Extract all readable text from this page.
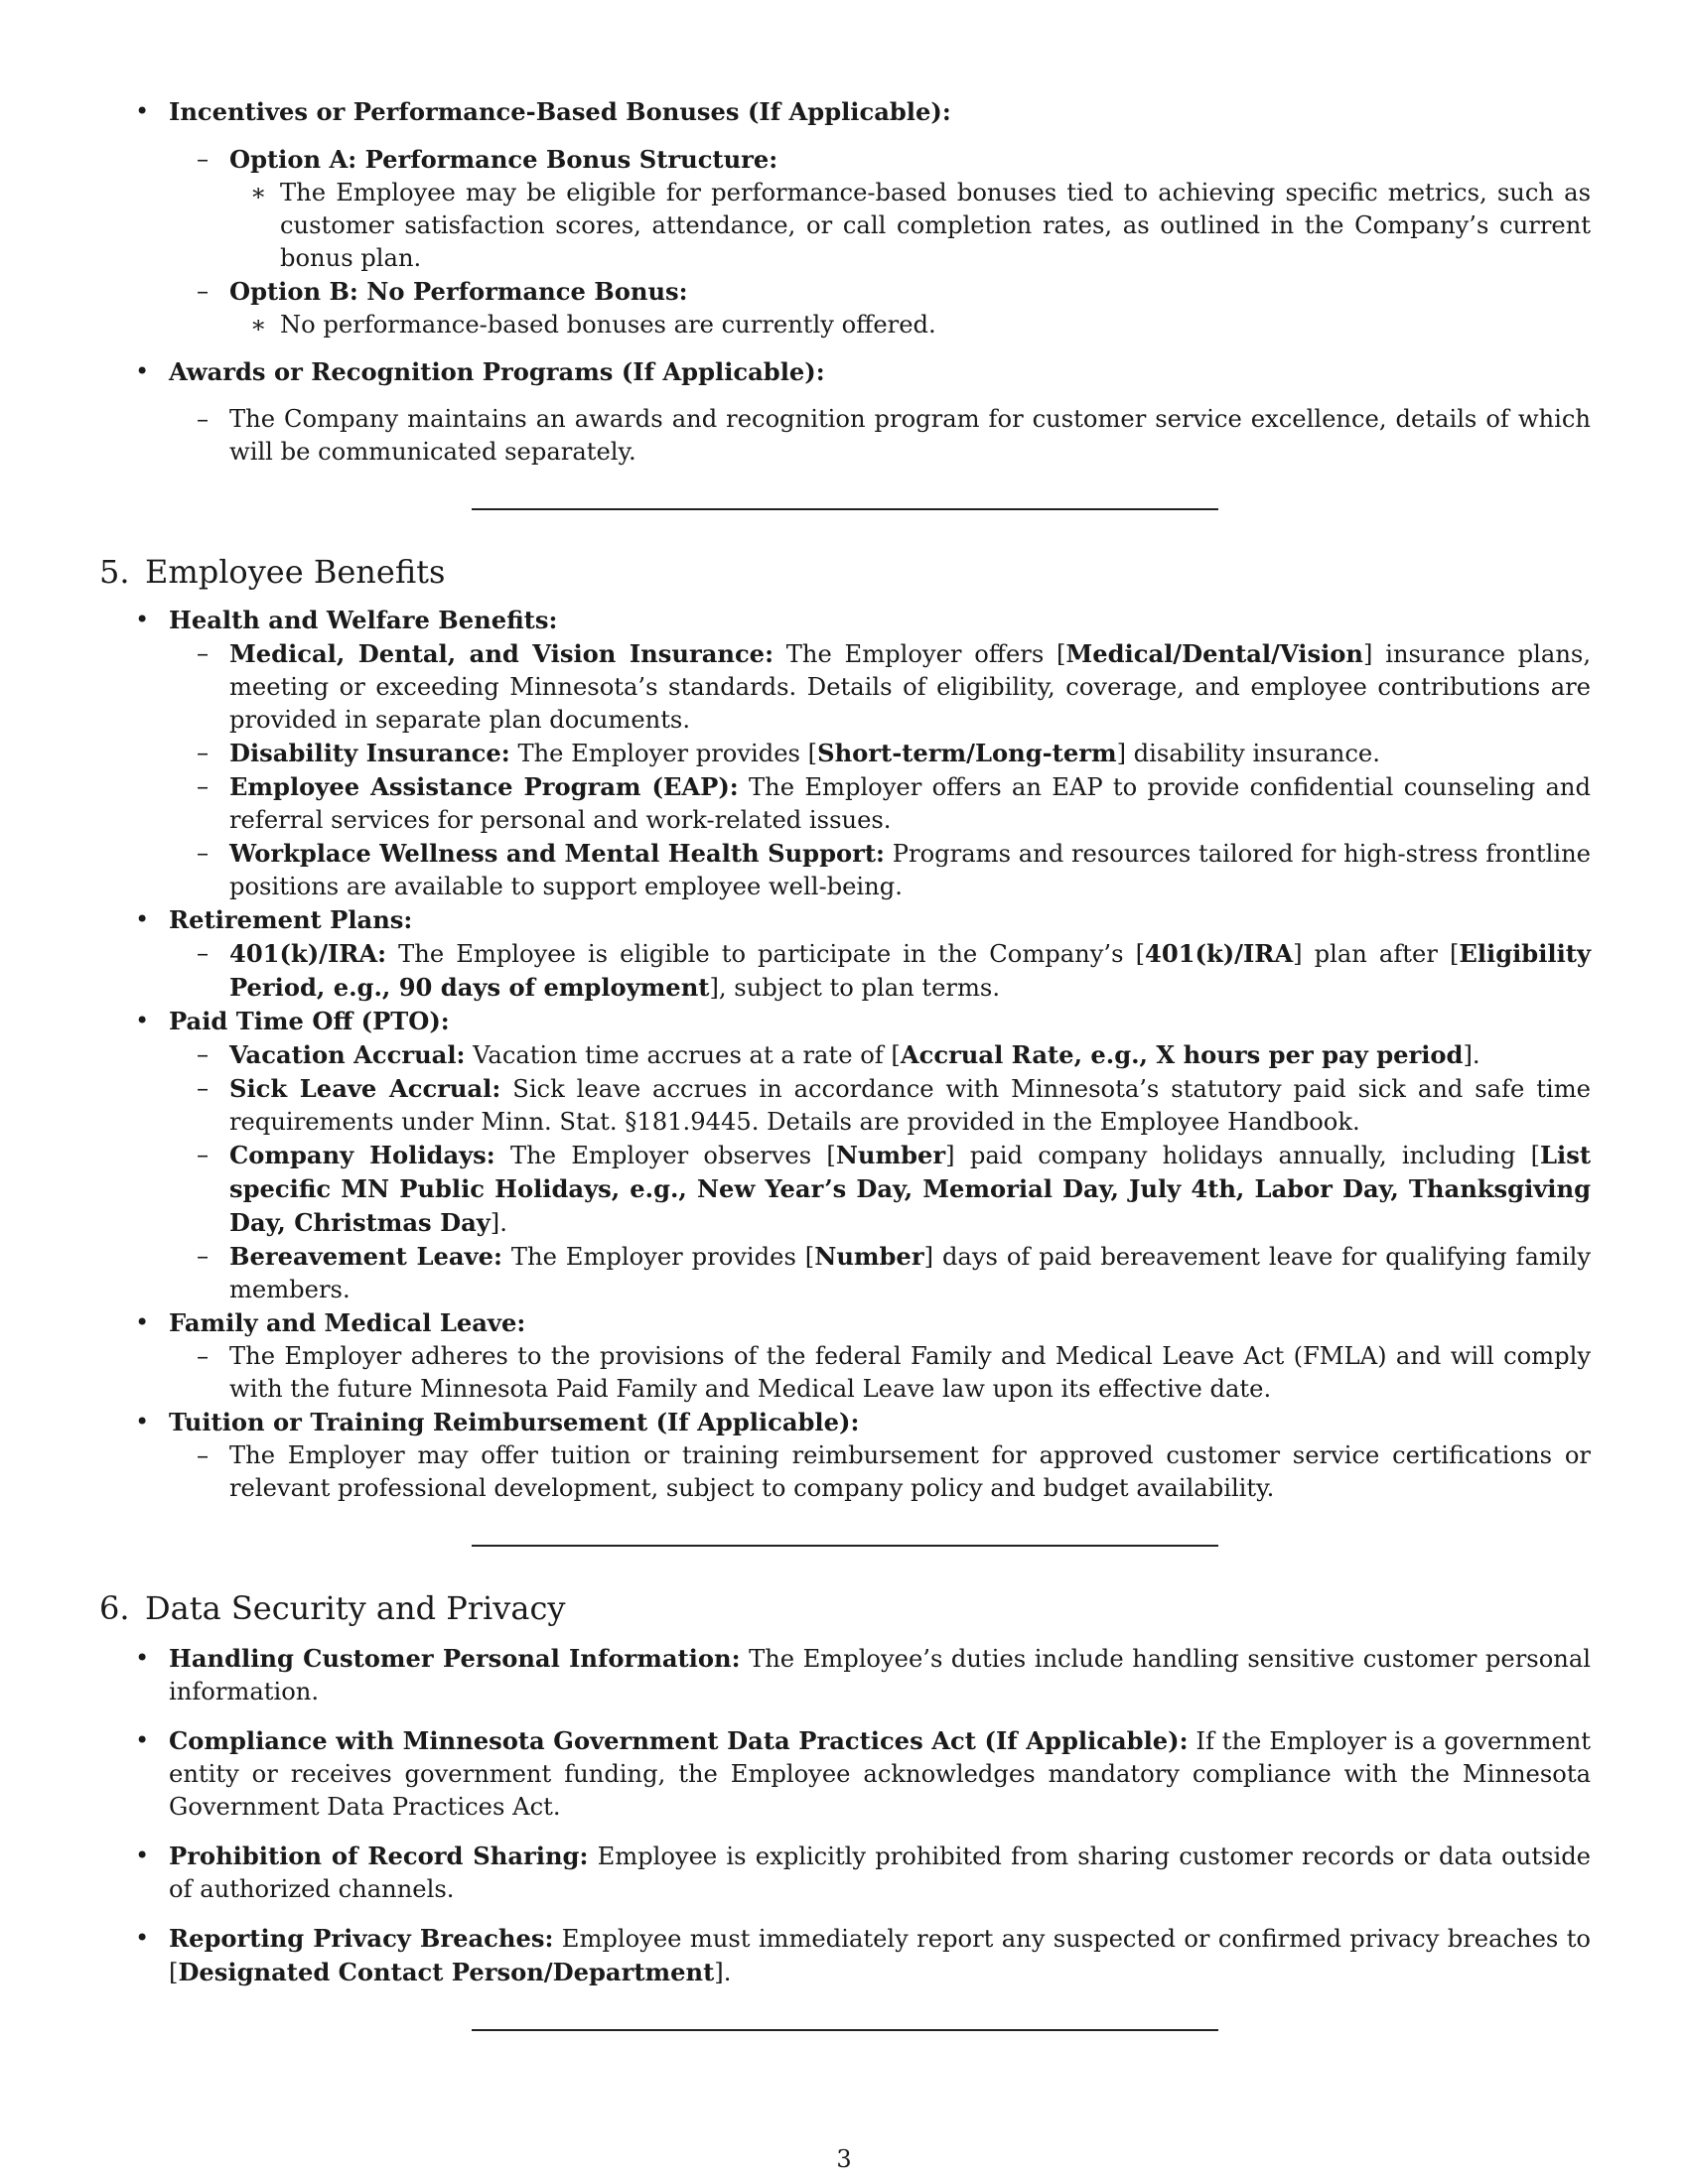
• Incentives or Performance-Based Bonuses (If Applicable):
– Option A: Performance Bonus Structure:
∗ The Employee may be eligible for performance-based bonuses tied to achieving specific metrics, such as customer satisfaction scores, attendance, or call completion rates, as outlined in the Company’s current bonus plan.
– Option B: No Performance Bonus:
∗ No performance-based bonuses are currently offered.
• Awards or Recognition Programs (If Applicable):
– The Company maintains an awards and recognition program for customer service excellence, details of which will be communicated separately.
5. Employee Benefits
• Health and Welfare Benefits:
– Medical, Dental, and Vision Insurance: The Employer offers [Medical/Dental/Vision] insurance plans, meeting or exceeding Minnesota’s standards. Details of eligibility, coverage, and employee contributions are provided in separate plan documents.
– Disability Insurance: The Employer provides [Short-term/Long-term] disability insurance.
– Employee Assistance Program (EAP): The Employer offers an EAP to provide confidential counseling and referral services for personal and work-related issues.
– Workplace Wellness and Mental Health Support: Programs and resources tailored for high-stress frontline positions are available to support employee well-being.
• Retirement Plans:
– 401(k)/IRA: The Employee is eligible to participate in the Company’s [401(k)/IRA] plan after [Eligibility Period, e.g., 90 days of employment], subject to plan terms.
• Paid Time Off (PTO):
– Vacation Accrual: Vacation time accrues at a rate of [Accrual Rate, e.g., X hours per pay period].
– Sick Leave Accrual: Sick leave accrues in accordance with Minnesota’s statutory paid sick and safe time requirements under Minn. Stat. §181.9445. Details are provided in the Employee Handbook.
– Company Holidays: The Employer observes [Number] paid company holidays annually, including [List specific MN Public Holidays, e.g., New Year’s Day, Memorial Day, July 4th, Labor Day, Thanksgiving Day, Christmas Day].
– Bereavement Leave: The Employer provides [Number] days of paid bereavement leave for qualifying family members.
• Family and Medical Leave:
– The Employer adheres to the provisions of the federal Family and Medical Leave Act (FMLA) and will comply with the future Minnesota Paid Family and Medical Leave law upon its effective date.
• Tuition or Training Reimbursement (If Applicable):
– The Employer may offer tuition or training reimbursement for approved customer service certifications or relevant professional development, subject to company policy and budget availability.
6. Data Security and Privacy
• Handling Customer Personal Information: The Employee’s duties include handling sensitive customer personal information.
• Compliance with Minnesota Government Data Practices Act (If Applicable): If the Employer is a government entity or receives government funding, the Employee acknowledges mandatory compliance with the Minnesota Government Data Practices Act.
• Prohibition of Record Sharing: Employee is explicitly prohibited from sharing customer records or data outside of authorized channels.
• Reporting Privacy Breaches: Employee must immediately report any suspected or confirmed privacy breaches to [Designated Contact Person/Department].
3
